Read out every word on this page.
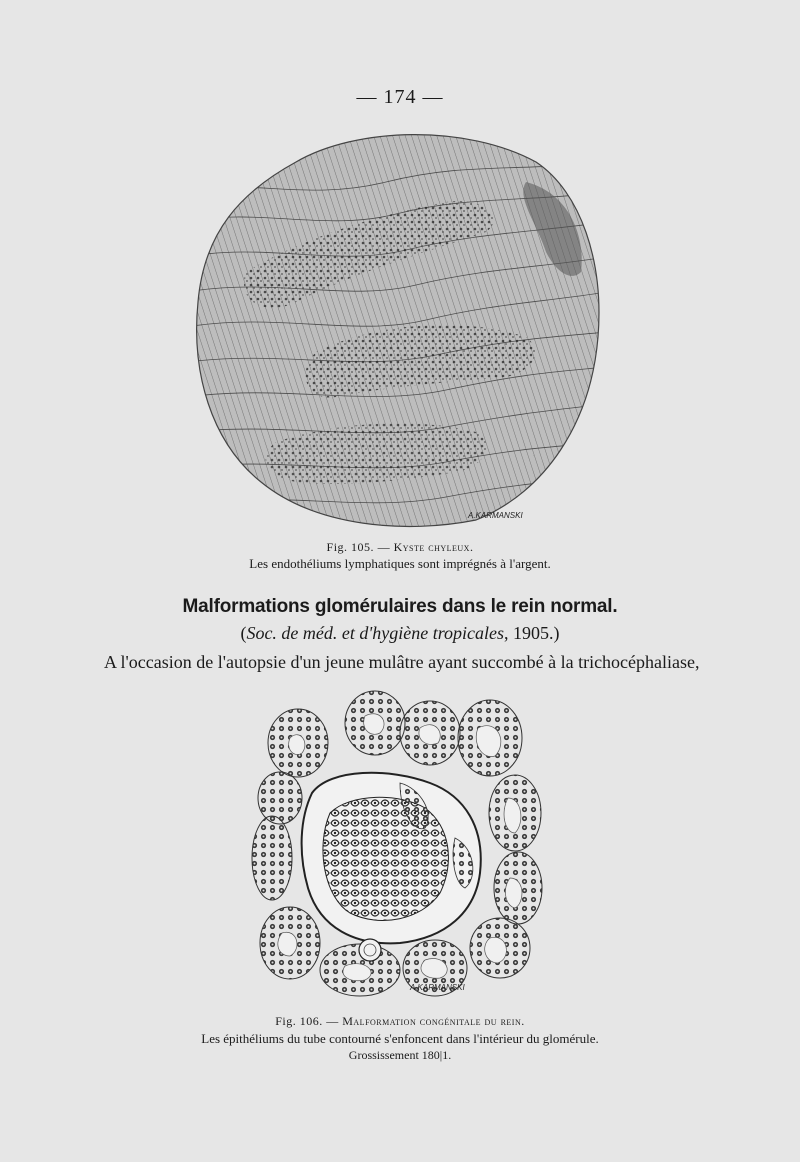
— 174 —
A.KARMANSKI
Fig. 105. — Kyste chyleux.
Les endothéliums lymphatiques sont imprégnés à l'argent.
Malformations glomérulaires dans le rein normal.
(Soc. de méd. et d'hygiène tropicales, 1905.)
A l'occasion de l'autopsie d'un jeune mulâtre ayant succombé à la trichocéphaliase,
A.KARMANSKI
Fig. 106. — Malformation congénitale du rein.
Les épithéliums du tube contourné s'enfoncent dans l'intérieur du glomérule.
Grossissement 180|1.
